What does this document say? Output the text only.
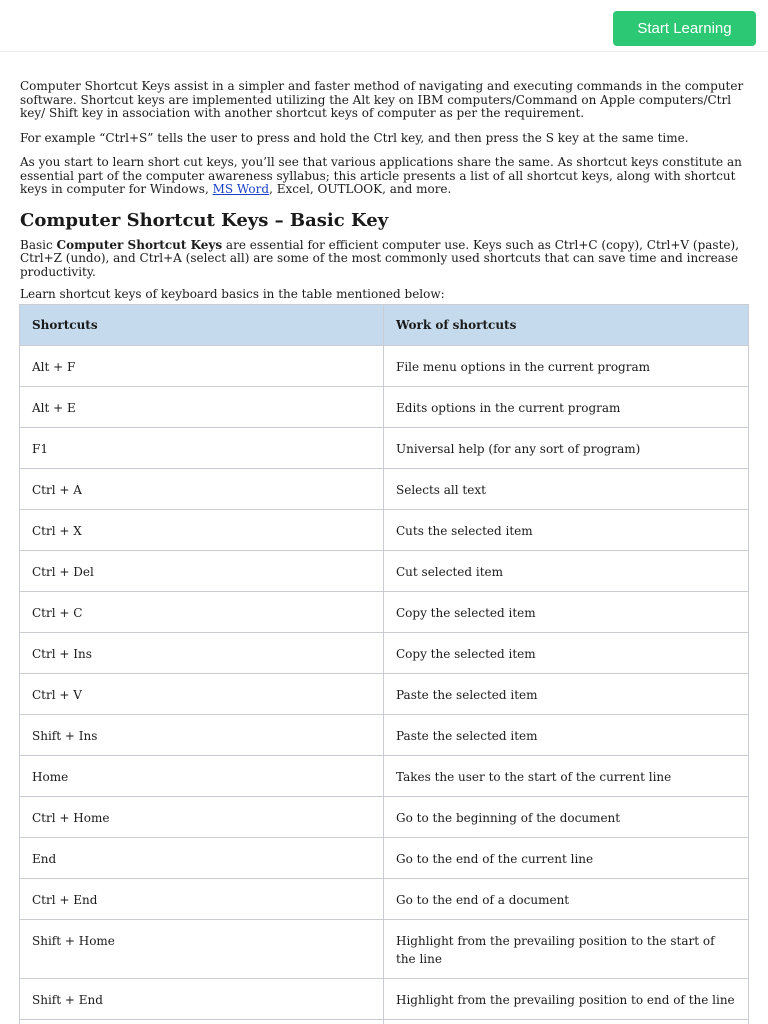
Start Learning

Computer Shortcut Keys assist in a simpler and faster method of navigating and executing commands in the computer software. Shortcut keys are implemented utilizing the Alt key on IBM computers/Command on Apple computers/Ctrl key/ Shift key in association with another shortcut keys of computer as per the requirement.

For example “Ctrl+S” tells the user to press and hold the Ctrl key, and then press the S key at the same time.

As you start to learn short cut keys, you’ll see that various applications share the same. As shortcut keys constitute an essential part of the computer awareness syllabus; this article presents a list of all shortcut keys, along with shortcut keys in computer for Windows, MS Word, Excel, OUTLOOK, and more.

Computer Shortcut Keys – Basic Key

Basic Computer Shortcut Keys are essential for efficient computer use. Keys such as Ctrl+C (copy), Ctrl+V (paste), Ctrl+Z (undo), and Ctrl+A (select all) are some of the most commonly used shortcuts that can save time and increase productivity.

Learn shortcut keys of keyboard basics in the table mentioned below:

Shortcuts	Work of shortcuts
Alt + F	File menu options in the current program
Alt + E	Edits options in the current program
F1	Universal help (for any sort of program)
Ctrl + A	Selects all text
Ctrl + X	Cuts the selected item
Ctrl + Del	Cut selected item
Ctrl + C	Copy the selected item
Ctrl + Ins	Copy the selected item
Ctrl + V	Paste the selected item
Shift + Ins	Paste the selected item
Home	Takes the user to the start of the current line
Ctrl + Home	Go to the beginning of the document
End	Go to the end of the current line
Ctrl + End	Go to the end of a document
Shift + Home	Highlight from the prevailing position to the start of the line
Shift + End	Highlight from the prevailing position to end of the line
